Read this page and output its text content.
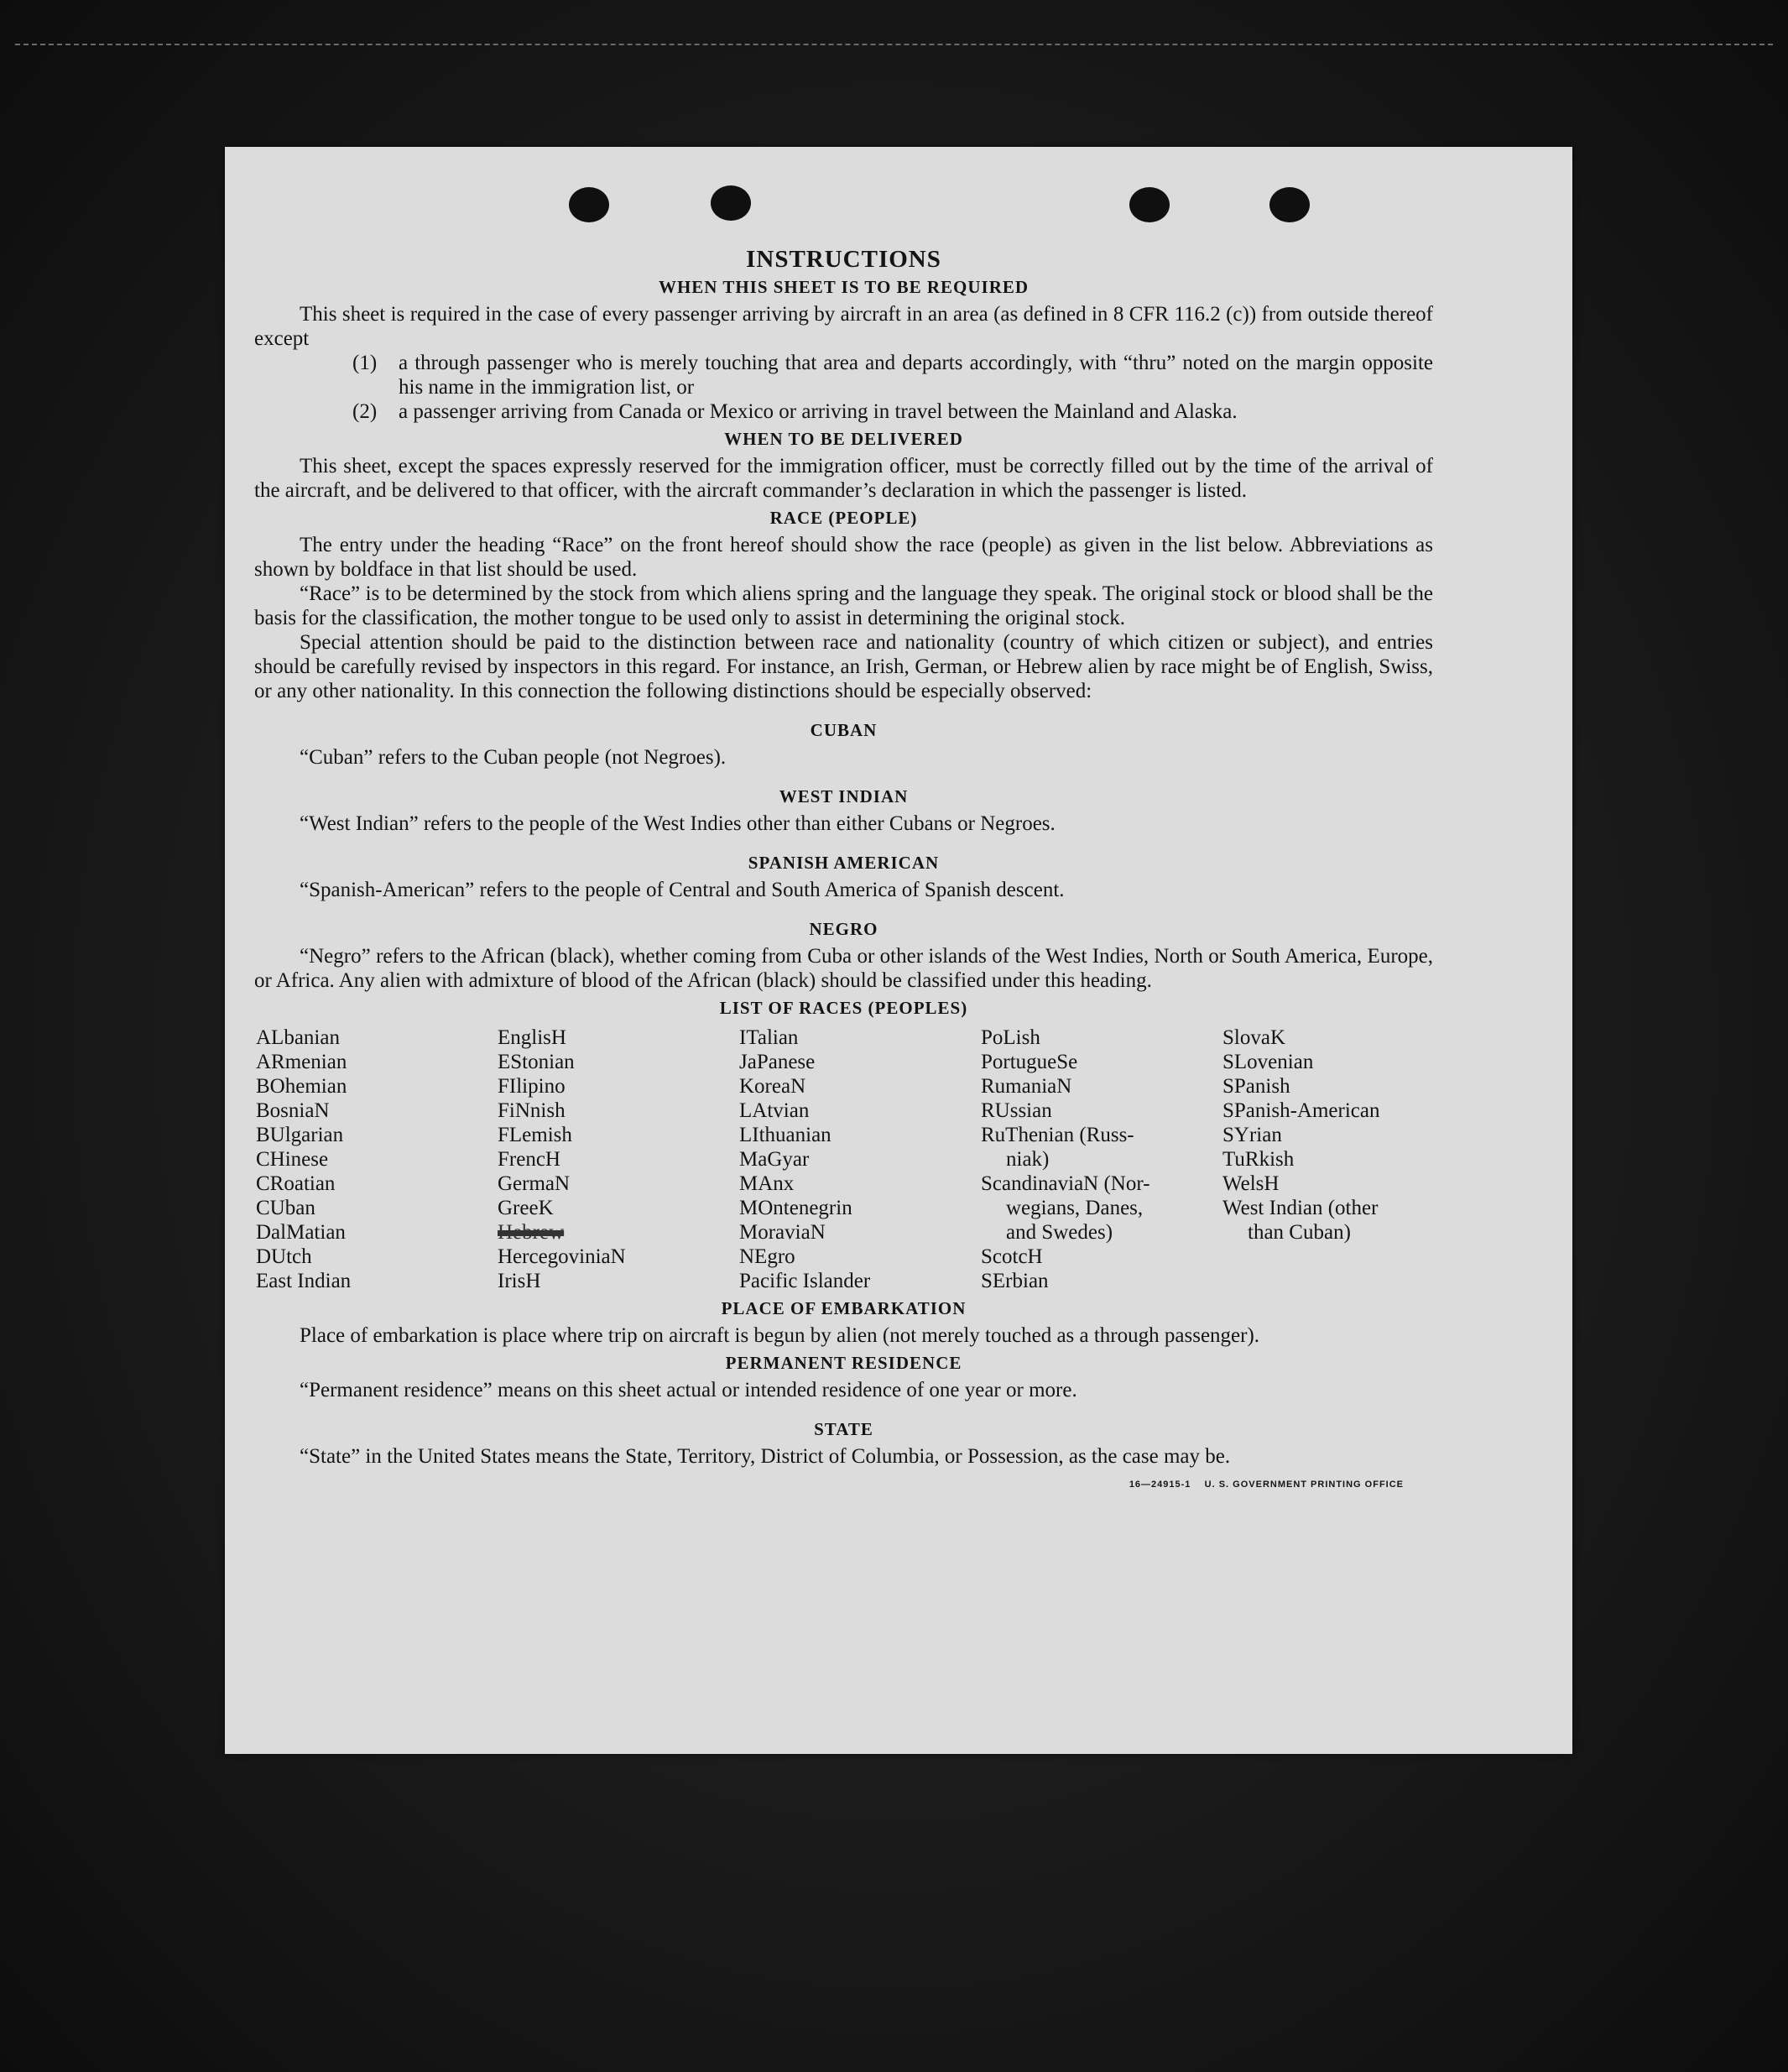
INSTRUCTIONS
WHEN THIS SHEET IS TO BE REQUIRED

This sheet is required in the case of every passenger arriving by aircraft in an area (as defined in 8 CFR 116.2 (c)) from outside thereof except

(1) a through passenger who is merely touching that area and departs accordingly, with “thru” noted on the margin opposite his name in the immigration list, or

(2) a passenger arriving from Canada or Mexico or arriving in travel between the Mainland and Alaska.

WHEN TO BE DELIVERED

This sheet, except the spaces expressly reserved for the immigration officer, must be correctly filled out by the time of the arrival of the aircraft, and be delivered to that officer, with the aircraft commander’s declaration in which the passenger is listed.

RACE (PEOPLE)

The entry under the heading “Race” on the front hereof should show the race (people) as given in the list below. Abbreviations as shown by boldface in that list should be used.

“Race” is to be determined by the stock from which aliens spring and the language they speak. The original stock or blood shall be the basis for the classification, the mother tongue to be used only to assist in determining the original stock.

Special attention should be paid to the distinction between race and nationality (country of which citizen or subject), and entries should be carefully revised by inspectors in this regard. For instance, an Irish, German, or Hebrew alien by race might be of English, Swiss, or any other nationality. In this connection the following distinctions should be especially observed:

CUBAN

“Cuban” refers to the Cuban people (not Negroes).

WEST INDIAN

“West Indian” refers to the people of the West Indies other than either Cubans or Negroes.

SPANISH AMERICAN

“Spanish-American” refers to the people of Central and South America of Spanish descent.

NEGRO

“Negro” refers to the African (black), whether coming from Cuba or other islands of the West Indies, North or South America, Europe, or Africa. Any alien with admixture of blood of the African (black) should be classified under this heading.

LIST OF RACES (PEOPLES)
ALbanian
ARmenian
BOhemian
BosniaN
BUlgarian
CHinese
CRoatian
CUban
DalMatian
DUtch
East Indian
EnglisH
EStonian
FIlipino
FiNnish
FLemish
FrencH
GermaN
GreeK
Hebrew
HercegoviniaN
IrisH
ITalian
JaPanese
KoreaN
LAtvian
LIthuanian
MaGyar
MAnx
MOntenegrin
MoraviaN
NEgro
Pacific Islander
PoLish
PortugueSe
RumaniaN
RUssian
RuThenian (Russ-
niak)
ScandinaviaN (Nor-
wegians, Danes,
and Swedes)
ScotcH
SErbian
SlovaK
SLovenian
SPanish
SPanish-American
SYrian
TuRkish
WelsH
West Indian (other
than Cuban)
PLACE OF EMBARKATION

Place of embarkation is place where trip on aircraft is begun by alien (not merely touched as a through passenger).

PERMANENT RESIDENCE

“Permanent residence” means on this sheet actual or intended residence of one year or more.

STATE

“State” in the United States means the State, Territory, District of Columbia, or Possession, as the case may be.

16—24915-1 U. S. GOVERNMENT PRINTING OFFICE
